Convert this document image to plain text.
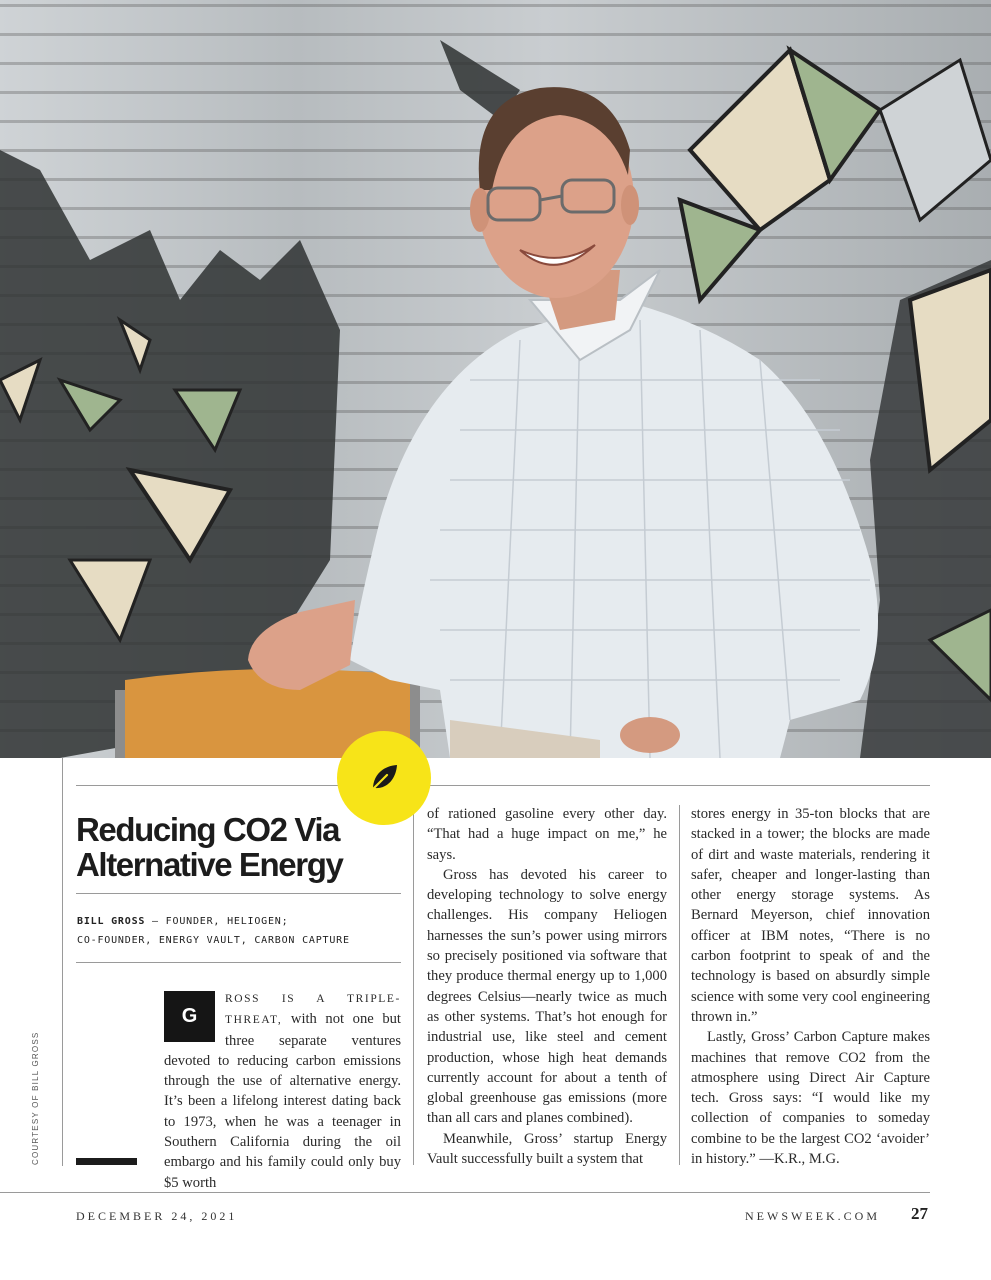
Reducing CO2 Via
Alternative Energy
BILL GROSS — FOUNDER, HELIOGEN;
CO-FOUNDER, ENERGY VAULT, CARBON CAPTURE
COURTESY OF BILL GROSS

G
ROSS IS A TRIPLE-THREAT, with not one but three separate ventures devoted to reducing carbon emissions through the use of alternative energy. It’s been a lifelong interest dating back to 1973, when he was a teenager in Southern California during the oil embargo and his family could only buy $5 worth

of rationed gasoline every other day. “That had a huge impact on me,” he says.

Gross has devoted his career to developing technology to solve energy challenges. His company Heliogen harnesses the sun’s power using mirrors so precisely positioned via software that they produce thermal energy up to 1,000 degrees Celsius—nearly twice as much as other systems. That’s hot enough for industrial use, like steel and cement production, whose high heat demands currently account for about a tenth of global greenhouse gas emissions (more than all cars and planes combined).

Meanwhile, Gross’ startup Energy Vault successfully built a system that

stores energy in 35-ton blocks that are stacked in a tower; the blocks are made of dirt and waste materials, rendering it safer, cheaper and longer-lasting than other energy storage systems. As Bernard Meyerson, chief innovation officer at IBM notes, “There is no carbon footprint to speak of and the technology is based on absurdly simple science with some very cool engineering thrown in.”

Lastly, Gross’ Carbon Capture makes machines that remove CO2 from the atmosphere using Direct Air Capture tech. Gross says: “I would like my collection of companies to someday combine to be the largest CO2 ‘avoider’ in history.” —K.R., M.G.

DECEMBER 24, 2021	NEWSWEEK.COM 27
